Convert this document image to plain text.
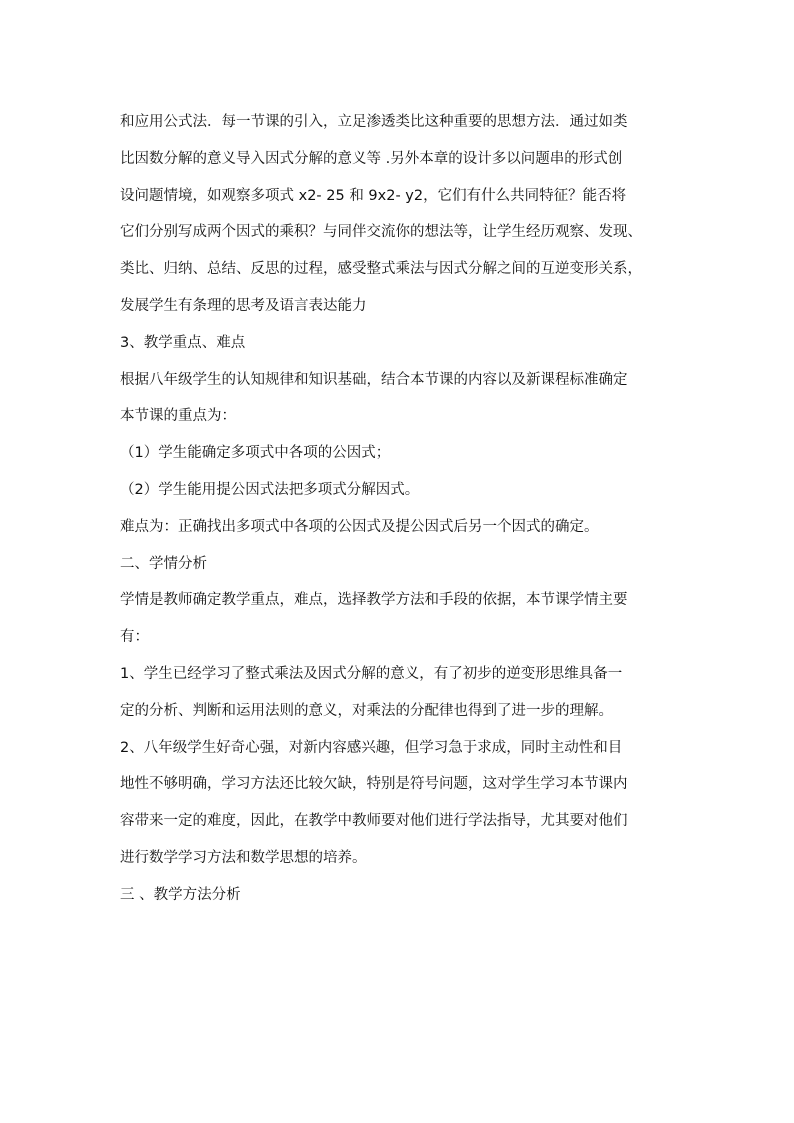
和应用公式法．每一节课的引入，立足渗透类比这种重要的思想方法．通过如类
比因数分解的意义导入因式分解的意义等 .另外本章的设计多以问题串的形式创
设问题情境，如观察多项式 x2- 25 和 9x2- y2，它们有什么共同特征？能否将
它们分别写成两个因式的乘积？与同伴交流你的想法等，让学生经历观察、发现、
类比、归纳、总结、反思的过程，感受整式乘法与因式分解之间的互逆变形关系，
发展学生有条理的思考及语言表达能力
3、教学重点、难点
根据八年级学生的认知规律和知识基础，结合本节课的内容以及新课程标准确定
本节课的重点为：
（1）学生能确定多项式中各项的公因式；
（2）学生能用提公因式法把多项式分解因式。
难点为：正确找出多项式中各项的公因式及提公因式后另一个因式的确定。
二、学情分析
学情是教师确定教学重点，难点，选择教学方法和手段的依据，本节课学情主要
有：
1、学生已经学习了整式乘法及因式分解的意义，有了初步的逆变形思维具备一
定的分析、判断和运用法则的意义，对乘法的分配律也得到了进一步的理解。
2、八年级学生好奇心强，对新内容感兴趣，但学习急于求成，同时主动性和目
地性不够明确，学习方法还比较欠缺，特别是符号问题，这对学生学习本节课内
容带来一定的难度，因此，在教学中教师要对他们进行学法指导，尤其要对他们
进行数学学习方法和数学思想的培养。
三 、教学方法分析
